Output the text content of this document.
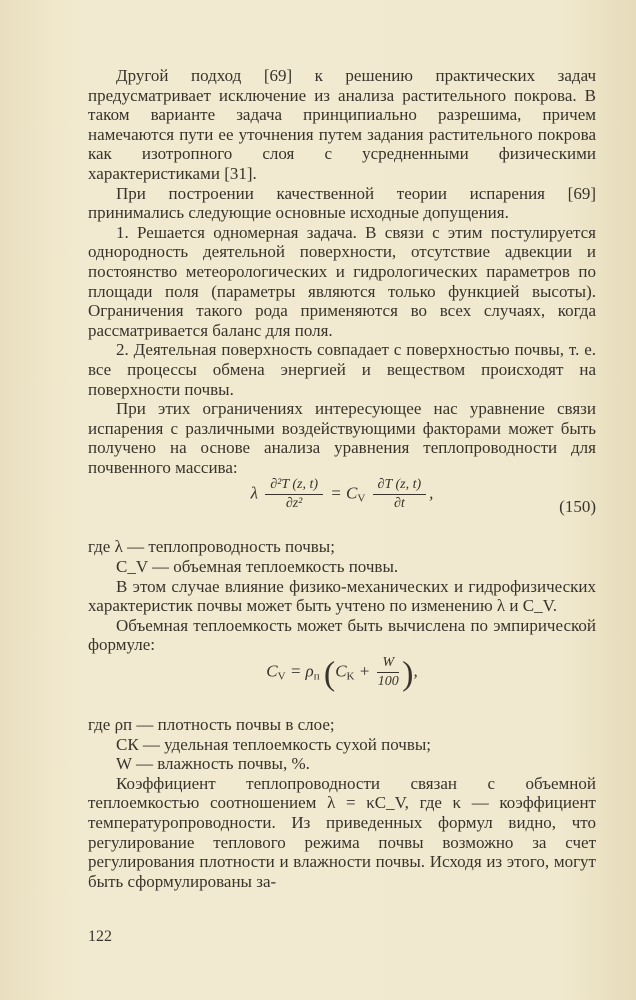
Другой подход [69] к решению практических задач предусматривает исключение из анализа растительного покрова. В таком варианте задача принципиально разрешима, причем намечаются пути ее уточнения путем задания растительного покрова как изотропного слоя с усредненными физическими характеристиками [31].

При построении качественной теории испарения [69] принимались следующие основные исходные допущения.

1. Решается одномерная задача. В связи с этим постулируется однородность деятельной поверхности, отсутствие адвекции и постоянство метеорологических и гидрологических параметров по площади поля (параметры являются только функцией высоты). Ограничения такого рода применяются во всех случаях, когда рассматривается баланс для поля.

2. Деятельная поверхность совпадает с поверхностью почвы, т. е. все процессы обмена энергией и веществом происходят на поверхности почвы.

При этих ограничениях интересующее нас уравнение связи испарения с различными воздействующими факторами может быть получено на основе анализа уравнения теплопроводности для почвенного массива:

λ $\frac{\text{∂²T (z, t)}}{\text{∂z²}} = C_V \frac{\partial T (z, t)}{\partial t}$ ,
(150)

где λ — теплопроводность почвы;

C_V — объемная теплоемкость почвы.

В этом случае влияние физико-механических и гидрофизических характеристик почвы может быть учтено по изменению λ и C_V.

Объемная теплоемкость может быть вычислена по эмпирической формуле:

$C_V = \rho_п$ ($C_K + \frac{W}{100}$ ),

где ρп — плотность почвы в слое;

СК — удельная теплоемкость сухой почвы;

W — влажность почвы, %.

Коэффициент теплопроводности связан с объемной теплоемкостью соотношением λ = κC_V, где κ — коэффициент температуропроводности. Из приведенных формул видно, что регулирование теплового режима почвы возможно за счет регулирования плотности и влажности почвы. Исходя из этого, могут быть сформулированы за-

122
